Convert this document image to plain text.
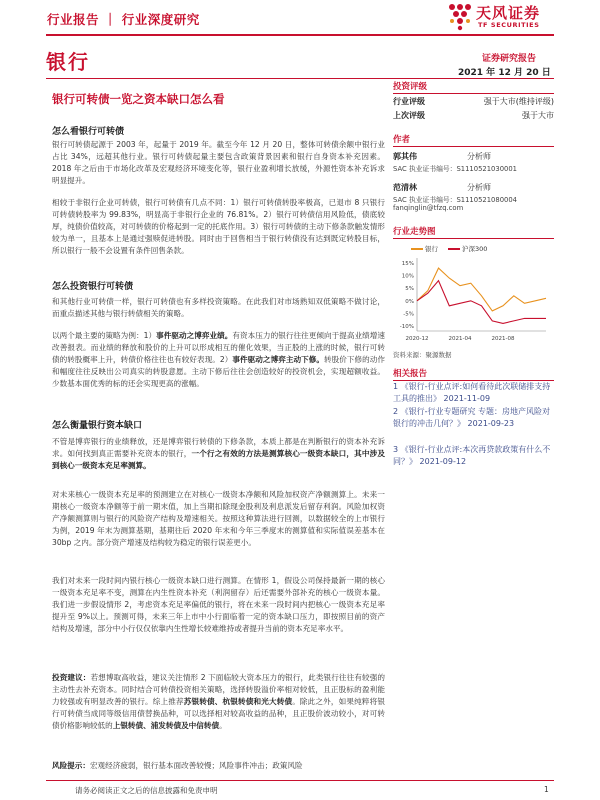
行业报告 ｜ 行业深度研究	天风证券
TF SECURITIES
银行	证券研究报告
2021 年 12 月 20 日
银行可转债一览之资本缺口怎么看
怎么看银行可转债
银行可转债起源于 2003 年，起量于 2019 年。截至今年 12 月 20 日，整体可转债余额中银行业占比 34%，远超其他行业。银行可转债起量主要包含政策背景因素和银行自身资本补充因素。2018 年之后由于市场化改革及宏观经济环境变化等，银行业盈利增长放缓，外源性资本补充诉求明显提升。
相较于非银行企业可转债，银行可转债有几点不同：1）银行可转债转股率极高，已退市 8 只银行可转债转股率为 99.83%，明显高于非银行企业的 76.81%。2）银行可转债信用风险低，债底较厚，纯债价值较高，对可转债的价格起到一定的托底作用。3）银行可转债的主动下修条款触发情形较为单一，且基本上是通过强赎促进转股。同时由于回售相当于银行转债没有达到既定转股目标，所以银行一般不会设置有条件回售条款。
怎么投资银行可转债
和其他行业可转债一样，银行可转债也有多样投资策略。在此我们对市场熟知双低策略不做讨论，而重点描述其他与银行转债相关的策略。
以两个最主要的策略为例：1）事件驱动之博弈业绩。有资本压力的银行往往更倾向于提高业绩增速改善报表。而业绩的释放和股价的上升可以形成相互的催化效果，当正股的上涨的时候，银行可转债的转股概率上升，转债价格往往也有较好表现。2）事件驱动之博弈主动下修。转股价下修的动作和幅度往往反映出公司真实的转股意愿。主动下修后往往会创造较好的投资机会，实现超额收益。少数基本面优秀的标的还会实现更高的涨幅。
怎么衡量银行资本缺口
不管是博弈银行的业绩释放，还是博弈银行转债的下修条款，本质上都是在判断银行的资本补充诉求。如何找到真正需要补充资本的银行，一个行之有效的方法是测算核心一级资本缺口，其中涉及到核心一级资本充足率测算。
对未来核心一级资本充足率的预测建立在对核心一级资本净额和风险加权资产净额测算上。未来一期核心一级资本净额等于前一期末值，加上当期扣除现金股利及利息派发后留存利润。风险加权资产净额测算则与银行的风险资产结构及增速相关。按照这种算法进行回测，以数据较全的上市银行为例，2019 年末为测算基期，基期往后 2020 年末和今年三季度末的测算值和实际值误差基本在 30bp 之内。部分资产增速及结构较为稳定的银行误差更小。
我们对未来一段时间内银行核心一级资本缺口进行测算。在情形 1，假设公司保持最新一期的核心一级资本充足率不变，测算在内生性资本补充（利润留存）后还需要外部补充的核心一级资本量。我们进一步假设情形 2，考虑资本充足率偏低的银行，将在未来一段时间内把核心一级资本充足率提升至 9%以上。预测可得，未来三年上市中小行面临着一定的资本缺口压力，即按照目前的资产结构及增速，部分中小行仅仅依靠内生性增长较难维持或者提升当前的资本充足率水平。
投资建议：若想博取高收益，建议关注情形 2 下面临较大资本压力的银行，此类银行往往有较强的主动性去补充资本。同时结合可转债投资相关策略，选择转股溢价率相对较低，且正股标的盈利能力较强或有明显改善的银行。综上推荐苏银转债、杭银转债和光大转债。除此之外，如果纯粹将银行可转债当成同等级信用债替换品种，可以选择相对较高收益的品种，且正股价波动较小，对可转债价格影响较低的上银转债、浦发转债及中信转债。
风险提示：宏观经济疲弱，银行基本面改善较慢；风险事件冲击；政策风险
投资评级
行业评级	强于大市(维持评级)
上次评级	强于大市
作者
郭其伟	分析师
SAC 执业证书编号：S1110521030001
范清林	分析师
SAC 执业证书编号：S1110521080004
fanqinglin@tfzq.com
行业走势图
银行	沪深300
15%
10%
5%
0%
-5%
-10%
2020-12	2021-04	2021-08
资料来源：聚源数据
相关报告
1 《银行-行业点评:如何看待此次联储排支持工具的推出》 2021-11-09
2 《银行-行业专题研究 专题：房地产风险对银行的冲击几何？》 2021-09-23
3 《银行-行业点评:本次再贷款政策有什么不同？》 2021-09-12
请务必阅读正文之后的信息披露和免责申明	1
